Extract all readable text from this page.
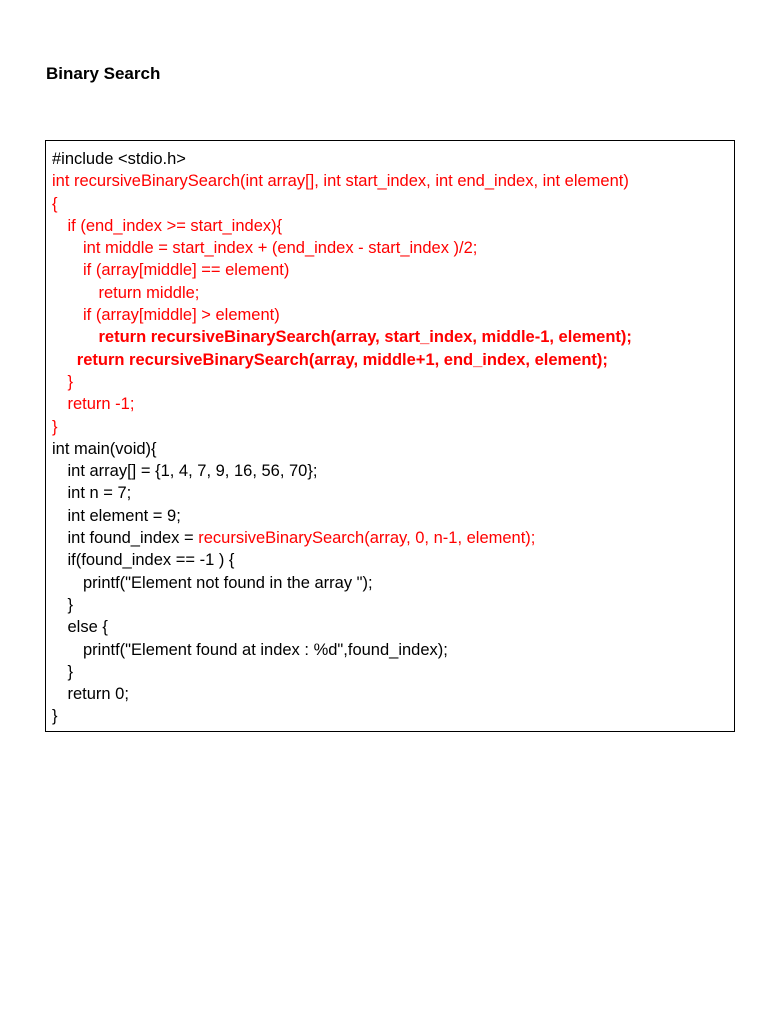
Binary Search
#include <stdio.h>
int recursiveBinarySearch(int array[], int start_index, int end_index, int element)
{
if (end_index >= start_index){
int middle = start_index + (end_index - start_index )/2;
if (array[middle] == element)
return middle;
if (array[middle] > element)
return recursiveBinarySearch(array, start_index, middle-1, element);
return recursiveBinarySearch(array, middle+1, end_index, element);
}
return -1;
}
int main(void){
int array[] = {1, 4, 7, 9, 16, 56, 70};
int n = 7;
int element = 9;
int found_index = recursiveBinarySearch(array, 0, n-1, element);
if(found_index == -1 ) {
printf("Element not found in the array ");
}
else {
printf("Element found at index : %d",found_index);
}
return 0;
}
